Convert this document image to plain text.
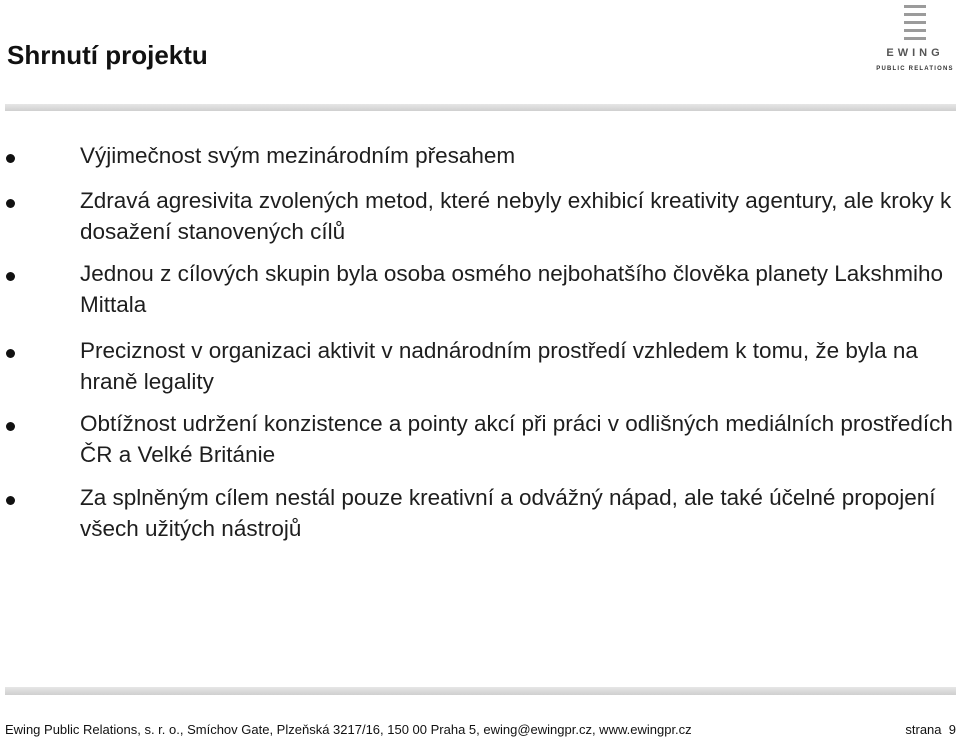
Shrnutí projektu	EWING
PUBLIC RELATIONS
Výjimečnost svým mezinárodním přesahem
Zdravá agresivita zvolených metod, které nebyly exhibicí kreativity agentury, ale kroky k dosažení stanovených cílů
Jednou z cílových skupin byla osoba osmého nejbohatšího člověka planety Lakshmiho Mittala
Preciznost v organizaci aktivit v nadnárodním prostředí vzhledem k tomu, že byla na hraně legality
Obtížnost udržení konzistence a pointy akcí při práci v odlišných mediálních prostředích ČR a Velké Británie
Za splněným cílem nestál pouze kreativní a odvážný nápad, ale také účelné propojení všech užitých nástrojů
Ewing Public Relations, s. r. o., Smíchov Gate, Plzeňská 3217/16, 150 00 Praha 5, ewing@ewingpr.cz, www.ewingpr.cz	strana 9
